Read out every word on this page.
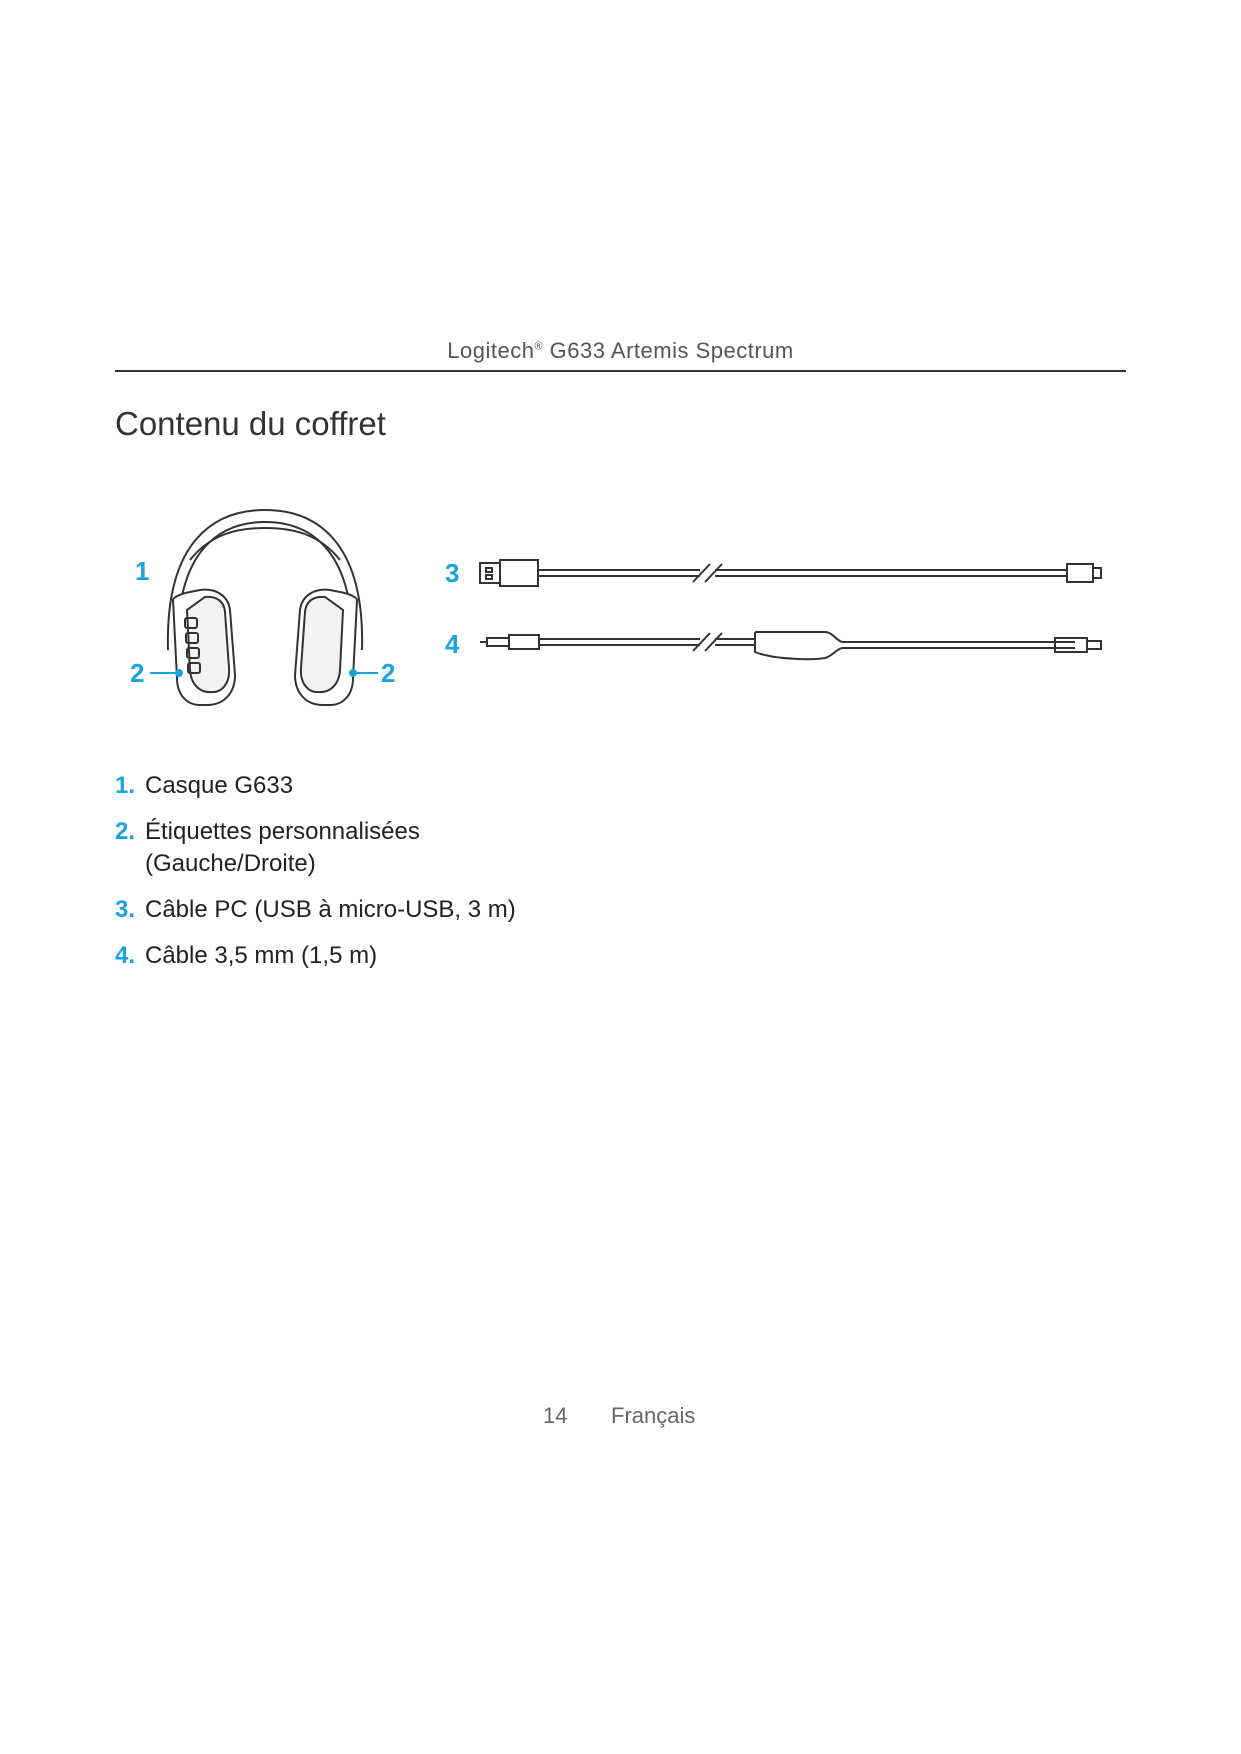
Logitech® G633 Artemis Spectrum
Contenu du coffret
1
2	2
3
4
1. Casque G633
2. Étiquettes personnalisées
(Gauche/Droite)
3. Câble PC (USB à micro-USB, 3 m)
4. Câble 3,5 mm (1,5 m)
14 Français
